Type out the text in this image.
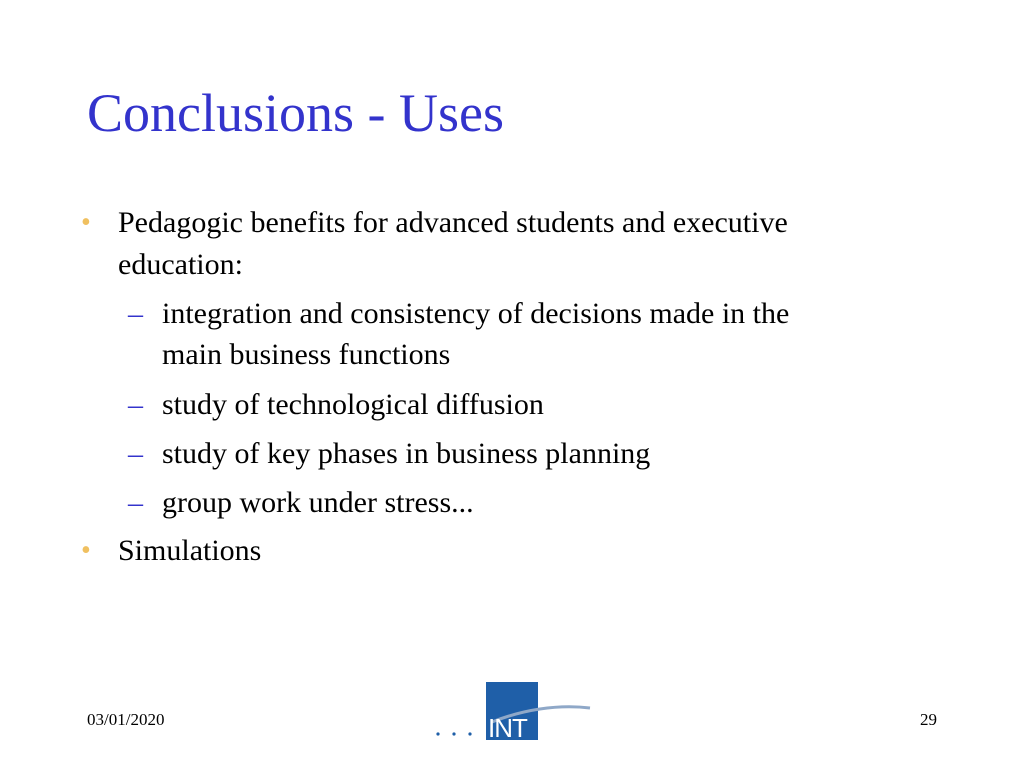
Conclusions - Uses
• Pedagogic benefits for advanced students and executive
education:
– integration and consistency of decisions made in the
main business functions
– study of technological diffusion
– study of key phases in business planning
– group work under stress...
• Simulations
03/01/2020	INT	29
